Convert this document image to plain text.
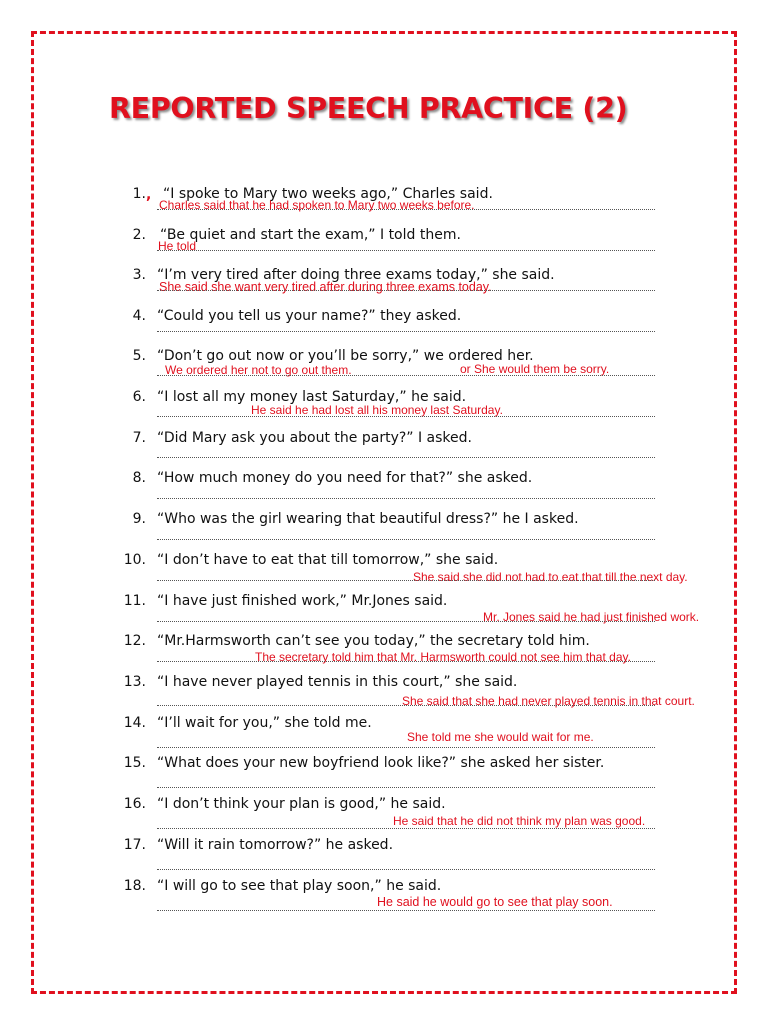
REPORTED SPEECH PRACTICE (2)
1. , “I spoke to Mary two weeks ago,” Charles said.
Charles said that he had spoken to Mary two weeks before.
2. “Be quiet and start the exam,” I told them.
He told
3. “I’m very tired after doing three exams today,” she said.
She said she want very tired after during three exams today.
4. “Could you tell us your name?” they asked.
5. “Don’t go out now or you’ll be sorry,” we ordered her.
We ordered her not to go out them.	or She would them be sorry.
6. “I lost all my money last Saturday,” he said.
He said he had lost all his money last Saturday.
7. “Did Mary ask you about the party?” I asked.
8. “How much money do you need for that?” she asked.
9. “Who was the girl wearing that beautiful dress?” he I asked.
10. “I don’t have to eat that till tomorrow,” she said.
She said she did not had to eat that till the next day.
11. “I have just finished work,” Mr.Jones said.
Mr. Jones said he had just finished work.
12. “Mr.Harmsworth can’t see you today,” the secretary told him.
The secretary told him that Mr. Harmsworth could not see him that day.
13. “I have never played tennis in this court,” she said.
She said that she had never played tennis in that court.
14. “I’ll wait for you,” she told me.
She told me she would wait for me.
15. “What does your new boyfriend look like?” she asked her sister.
16. “I don’t think your plan is good,” he said.
He said that he did not think my plan was good.
17. “Will it rain tomorrow?” he asked.
18. “I will go to see that play soon,” he said.
He said he would go to see that play soon.
